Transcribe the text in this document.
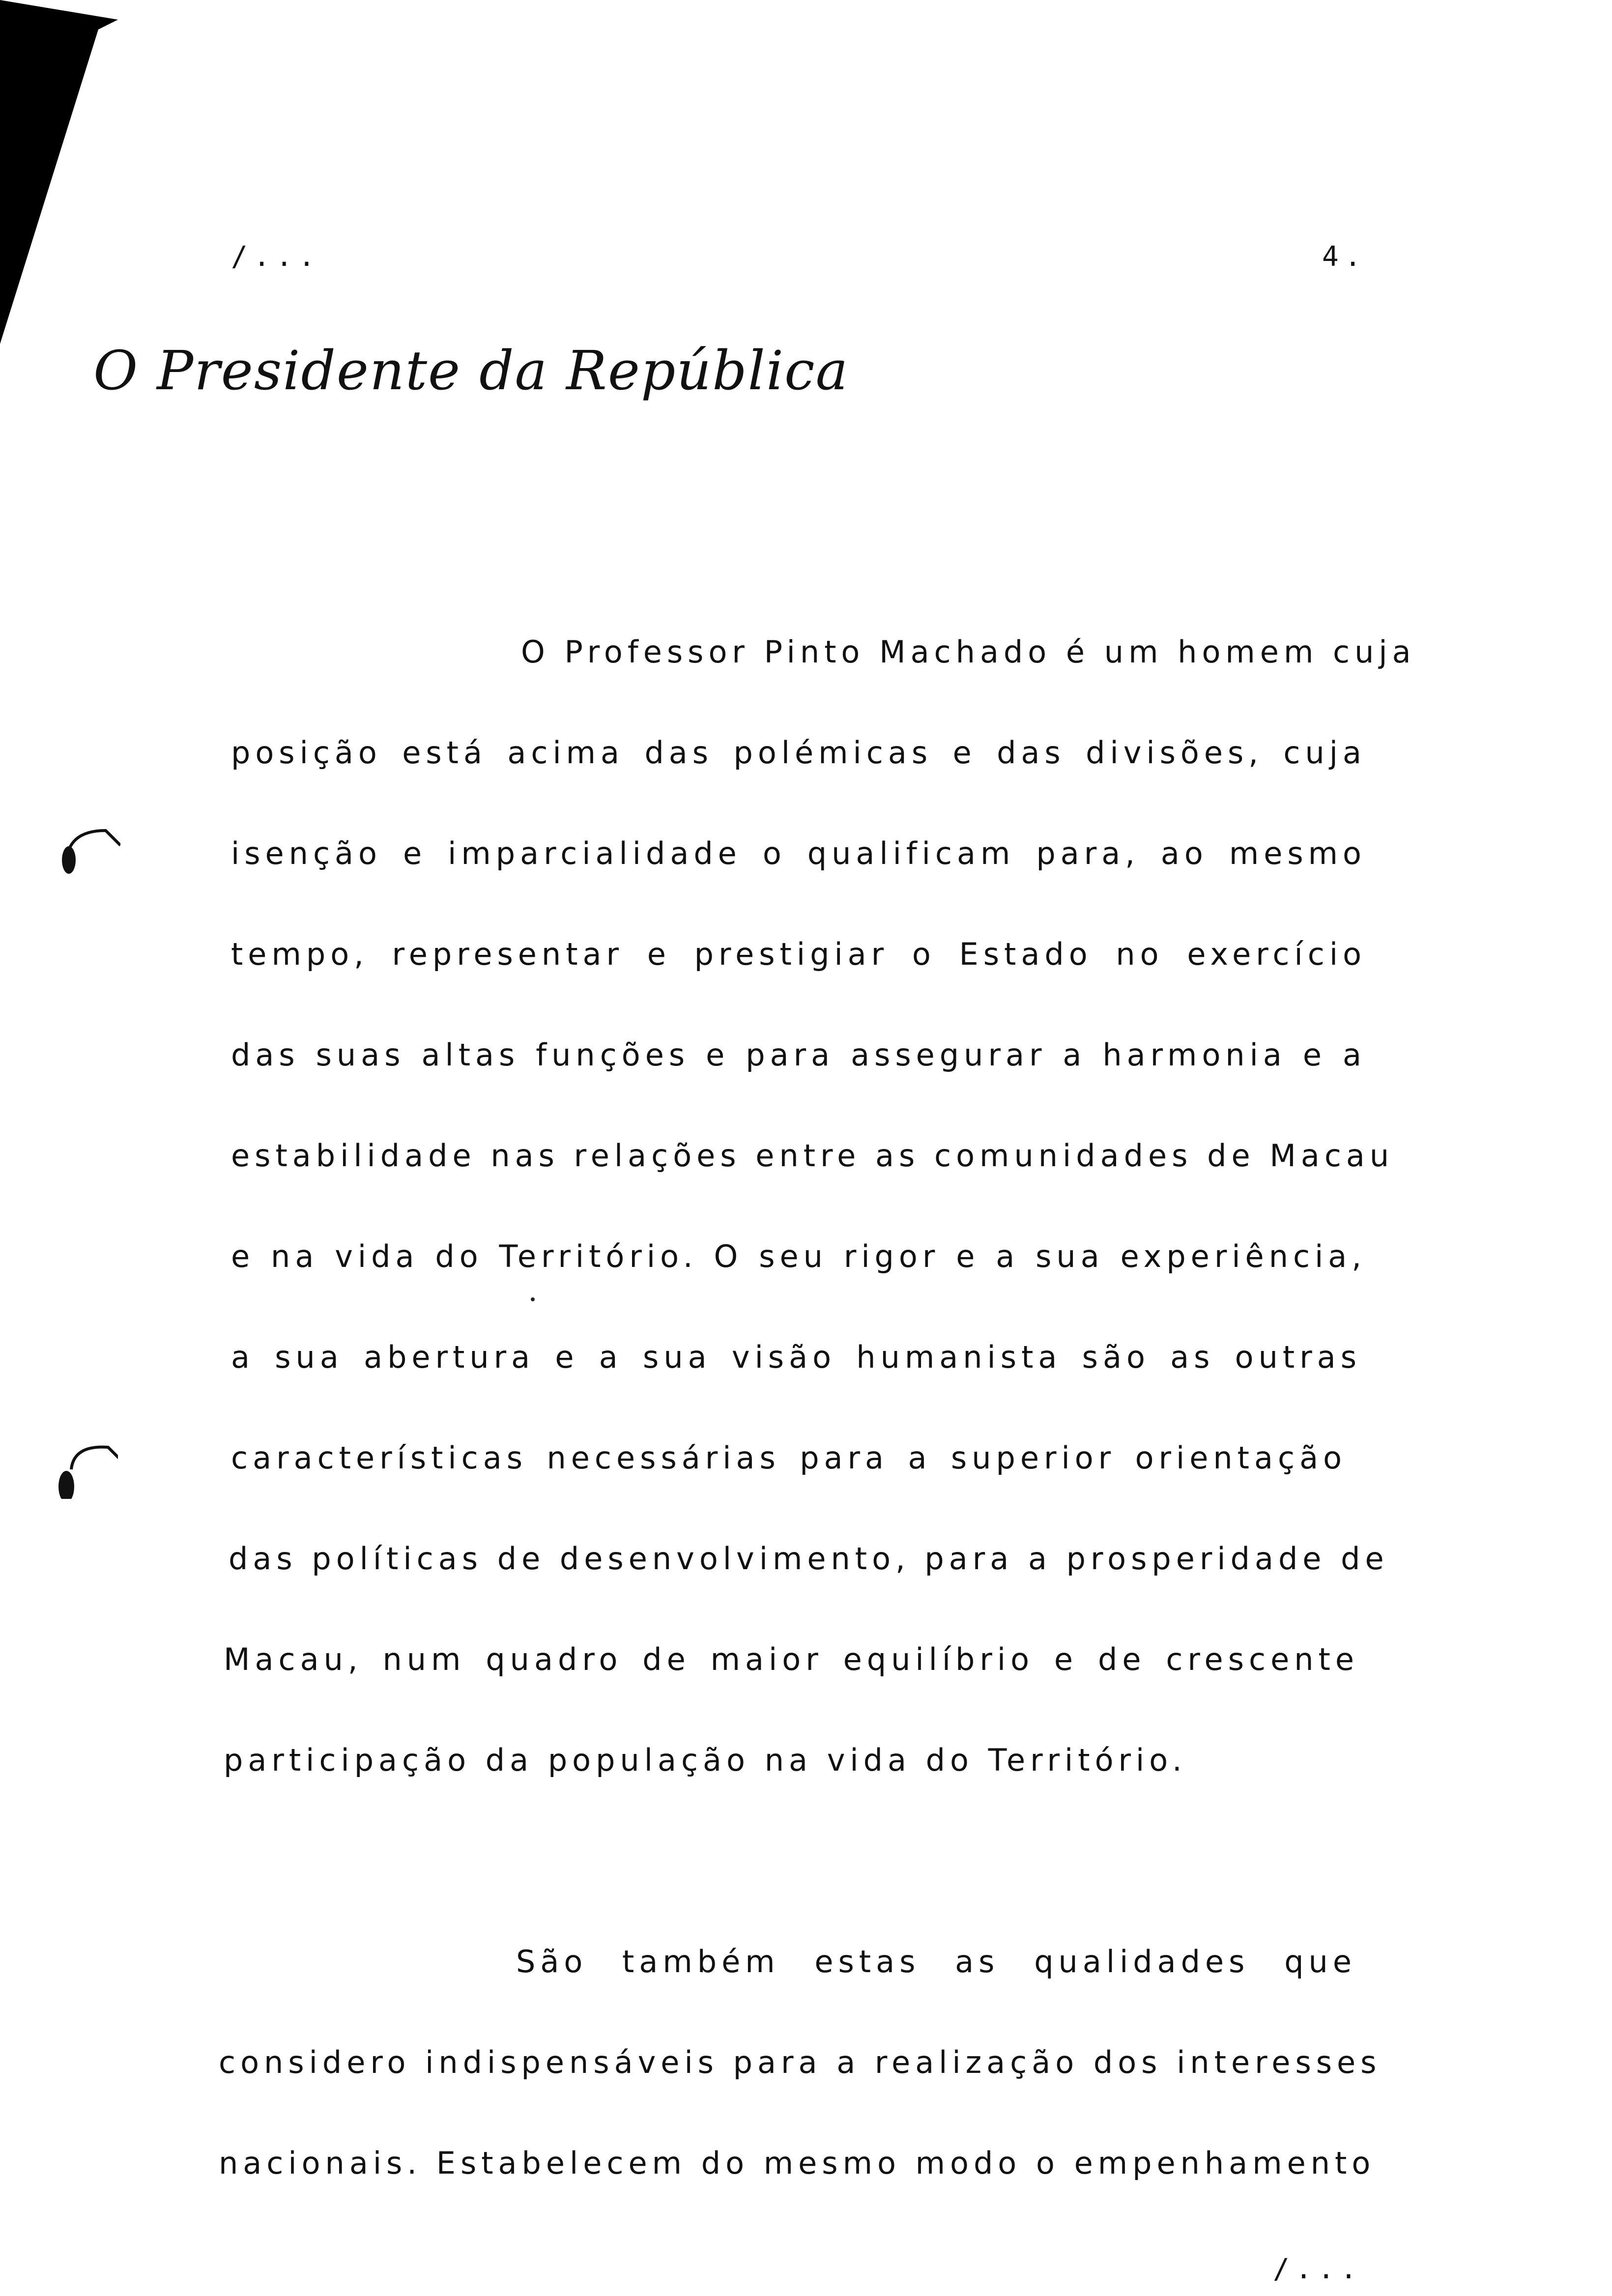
/...	4.
O Presidente da República
O Professor Pinto Machado é um homem cuja
posição está acima das polémicas e das divisões, cuja
isenção e imparcialidade o qualificam para, ao mesmo
tempo, representar e prestigiar o Estado no exercício
das suas altas funções e para assegurar a harmonia e a
estabilidade nas relações entre as comunidades de Macau
e na vida do Território. O seu rigor e a sua experiência,
a sua abertura e a sua visão humanista são as outras
características necessárias para a superior orientação
das políticas de desenvolvimento, para a prosperidade de
Macau, num quadro de maior equilíbrio e de crescente
participação da população na vida do Território.
São também estas as qualidades que
considero indispensáveis para a realização dos interesses
nacionais. Estabelecem do mesmo modo o empenhamento
/...
